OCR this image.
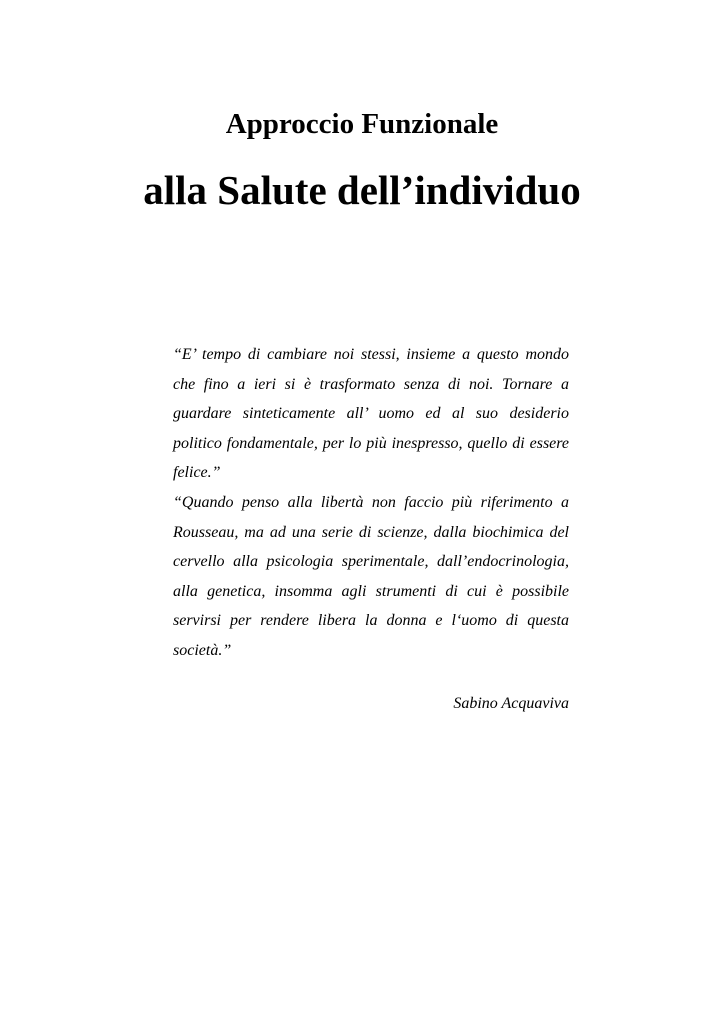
Approccio Funzionale
alla Salute dell’individuo

“E’ tempo di cambiare noi stessi, insieme a questo mondo che fino a ieri si è trasformato senza di noi. Tornare a guardare sinteticamente all’ uomo ed al suo desiderio politico fondamentale, per lo più inespresso, quello di essere felice.”

“Quando penso alla libertà non faccio più riferimento a Rousseau, ma ad una serie di scienze, dalla biochimica del cervello alla psicologia sperimentale, dall’endocrinologia, alla genetica, insomma agli strumenti di cui è possibile servirsi per rendere libera la donna e l‘uomo di questa società.”

Sabino Acquaviva
